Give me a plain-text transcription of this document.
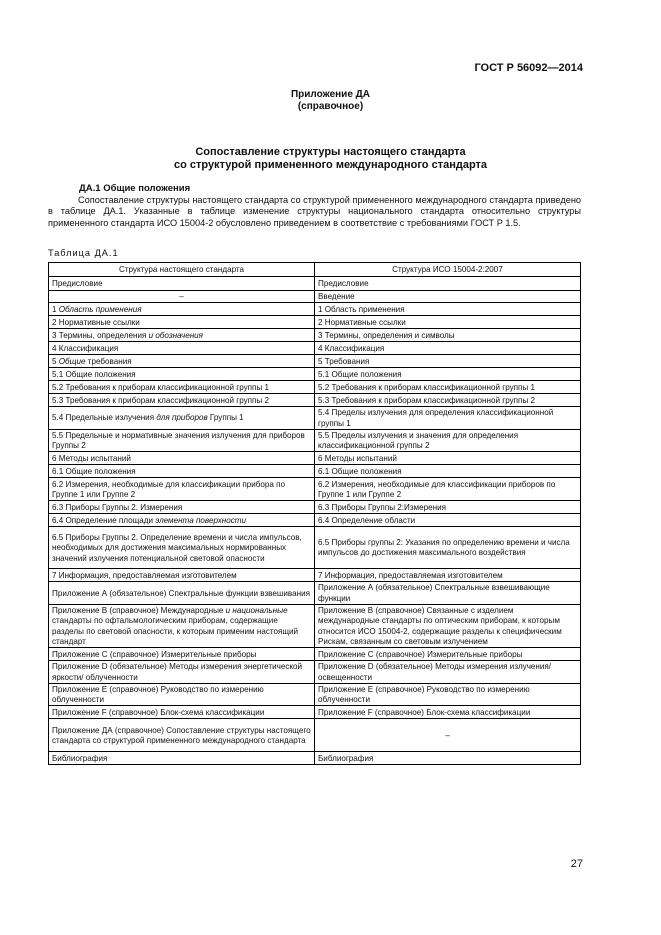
ГОСТ Р 56092—2014
Приложение ДА
(справочное)
Сопоставление структуры настоящего стандарта
со структурой примененного международного стандарта
ДА.1 Общие положения
Сопоставление структуры настоящего стандарта со структурой примененного международного стандарта приведено в таблице ДА.1. Указанные в таблице изменение структуры национального стандарта относительно структуры примененного стандарта ИСО 15004-2 обусловлено приведением в соответствие с требованиями ГОСТ Р 1.5.
Таблица ДА.1
Структура настоящего стандарта	Структура ИСО 15004-2:2007
Предисловие	Предисловие
–	Введение
1 Область применения	1 Область применения
2 Нормативные ссылки	2 Нормативные ссылки
3 Термины, определения и обозначения	3 Термины, определения и символы
4 Классификация	4 Классификация
5 Общие требования	5 Требования
5.1 Общие положения	5.1 Общие положения
5.2 Требования к приборам классификационной группы 1	5.2 Требования к приборам классификационной группы 1
5.3 Требования к приборам классификационной группы 2	5.3 Требования к приборам классификационной группы 2
5.4 Предельные излучения для приборов Группы 1	5.4 Пределы излучения для определения классификационной группы 1
5.5 Предельные и нормативные значения излучения для приборов Группы 2	5.5 Пределы излучения и значения для определения классификационной группы 2
6 Методы испытаний	6 Методы испытаний
6.1 Общие положения	6.1 Общие положения
6.2 Измерения, необходимые для классификации прибора по Группе 1 или Группе 2	6.2 Измерения, необходимые для классификации приборов по Группе 1 или Группе 2
6.3 Приборы Группы 2. Измерения	6.3 Приборы Группы 2:Измерения
6.4 Определение площади элемента поверхности	6.4 Определение области
6.5 Приборы Группы 2. Определение времени и числа импульсов, необходимых для достижения максимальных нормированных значений излучения потенциальной световой опасности	6.5 Приборы группы 2: Указания по определению времени и числа импульсов до достижения максимального воздействия
7 Информация, предоставляемая изготовителем	7 Информация, предоставляемая изготовителем
Приложение А (обязательное) Спектральные функции взвешивания	Приложение А (обязательное) Спектральные взвешивающие функции
Приложение В (справочное) Международные и национальные стандарты по офтальмологическим приборам, содержащие разделы по световой опасности, к которым применим настоящий стандарт	Приложение В (справочное) Связанные с изделием международные стандарты по оптическим приборам, к которым относится ИСО 15004-2, содержащие разделы к специфическим Рискам, связанным со световым излучением
Приложение С (справочное) Измерительные приборы	Приложение С (справочное) Измерительные приборы
Приложение D (обязательное) Методы измерения энергетической яркости/ облученности	Приложение D (обязательное) Методы измерения излучения/освещенности
Приложение Е (справочное) Руководство по измерению облученности	Приложение Е (справочное) Руководство по измерению облученности
Приложение F (справочное) Блок-схема классификации	Приложение F (справочное) Блок-схема классификации
Приложение ДА (справочное) Сопоставление структуры настоящего стандарта со структурой примененного международного стандарта	–
Библиография	Библиография
27
